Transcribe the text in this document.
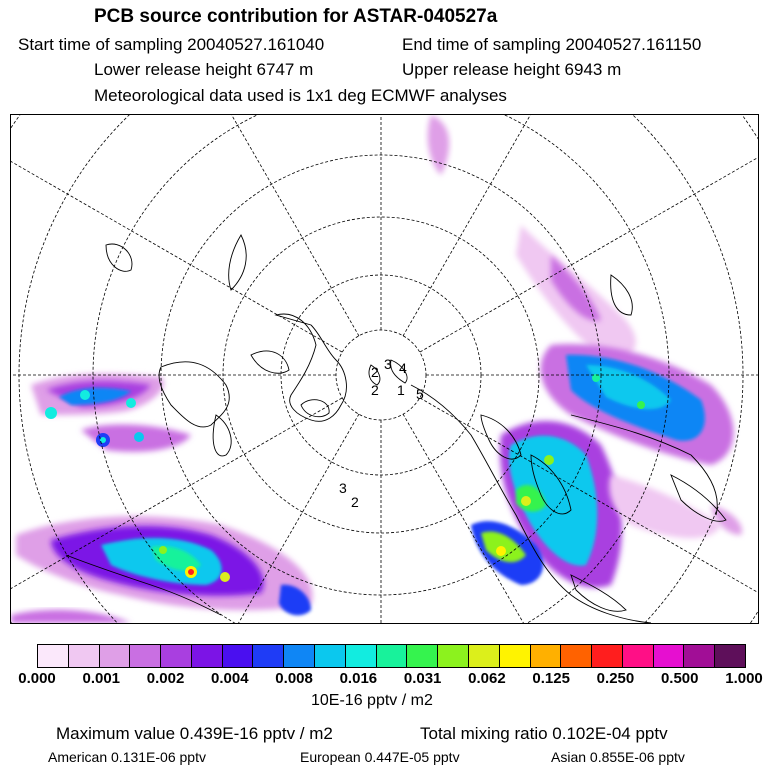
PCB source contribution for ASTAR-040527a
Start time of sampling 20040527.161040	End time of sampling 20040527.161150
Lower release height 6747 m	Upper release height 6943 m
Meteorological data used is 1x1 deg ECMWF analyses
2 3 4
2 1 5
3
2
0.000 0.001 0.002 0.004 0.008 0.016 0.031 0.062 0.125 0.250 0.500 1.000
10E-16 pptv / m2
Maximum value 0.439E-16 pptv / m2	Total mixing ratio 0.102E-04 pptv
American 0.131E-06 pptv	European 0.447E-05 pptv	Asian 0.855E-06 pptv
